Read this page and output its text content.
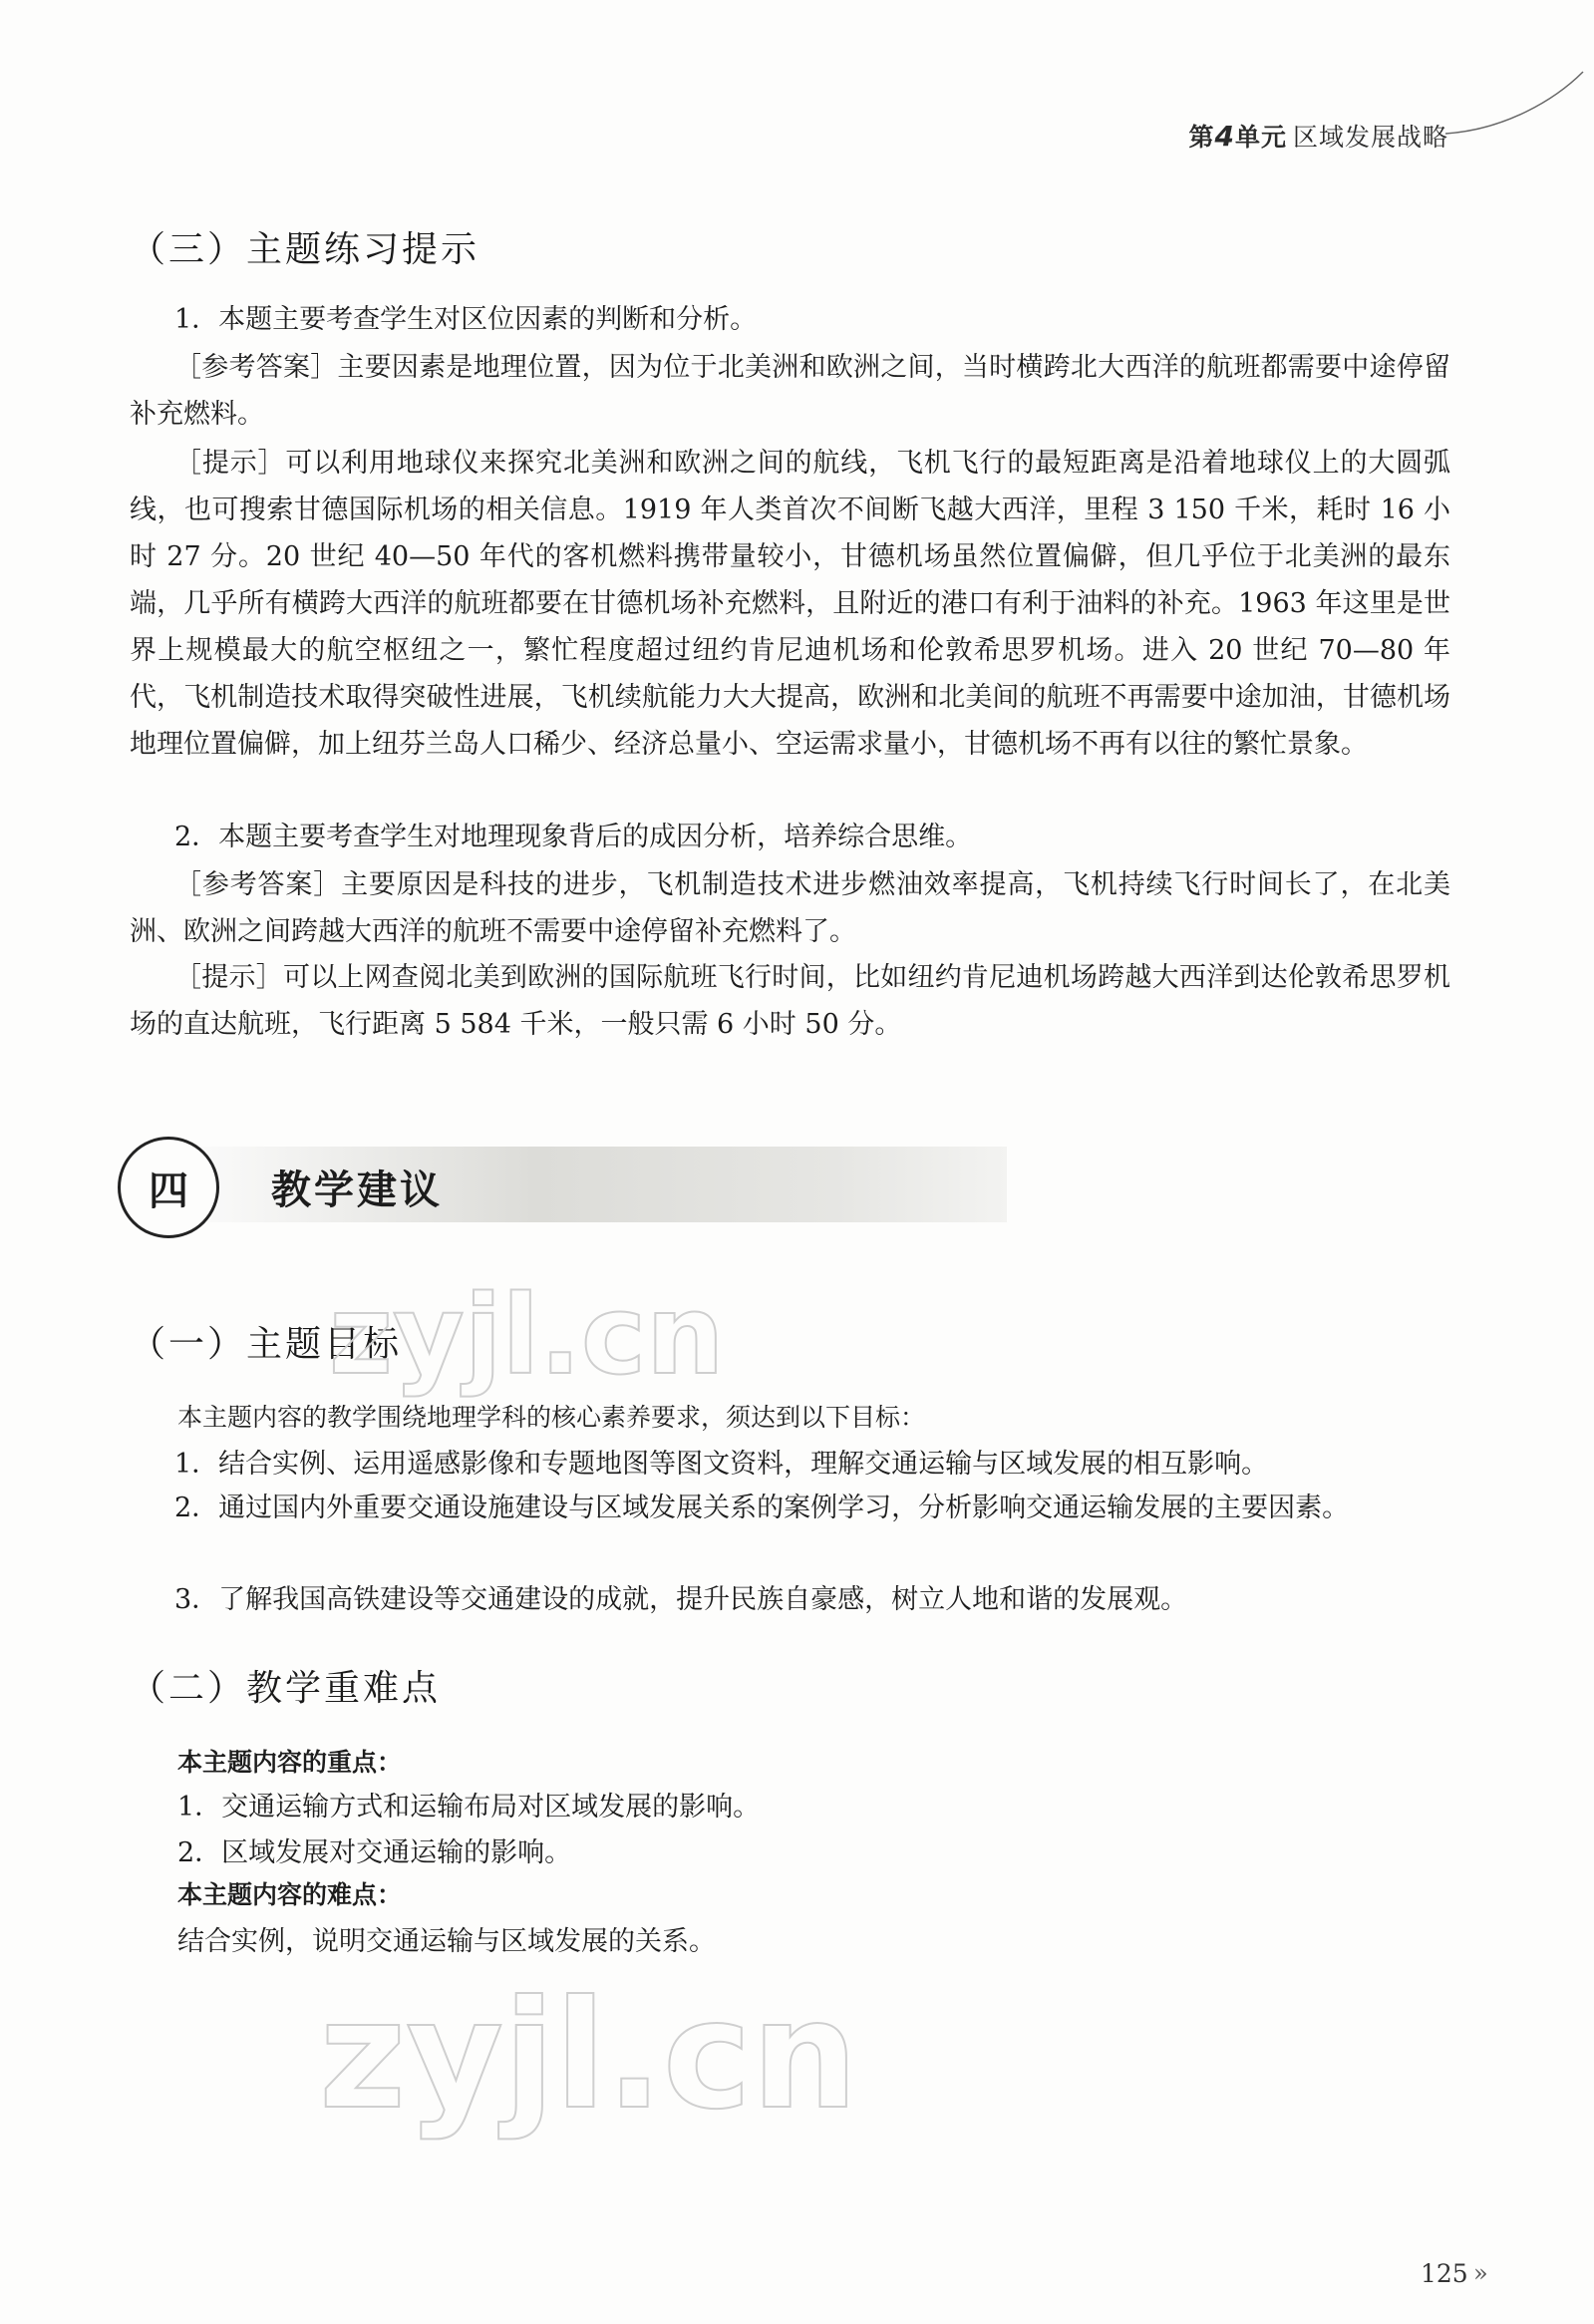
第4单元 区域发展战略
（三）主题练习提示
1．本题主要考查学生对区位因素的判断和分析。
［参考答案］主要因素是地理位置，因为位于北美洲和欧洲之间，当时横跨北大西洋的航班都需要中途停留补充燃料。
［提示］可以利用地球仪来探究北美洲和欧洲之间的航线，飞机飞行的最短距离是沿着地球仪上的大圆弧线，也可搜索甘德国际机场的相关信息。1919 年人类首次不间断飞越大西洋，里程 3 150 千米，耗时 16 小时 27 分。20 世纪 40—50 年代的客机燃料携带量较小，甘德机场虽然位置偏僻，但几乎位于北美洲的最东端，几乎所有横跨大西洋的航班都要在甘德机场补充燃料，且附近的港口有利于油料的补充。1963 年这里是世界上规模最大的航空枢纽之一，繁忙程度超过纽约肯尼迪机场和伦敦希思罗机场。进入 20 世纪 70—80 年代，飞机制造技术取得突破性进展，飞机续航能力大大提高，欧洲和北美间的航班不再需要中途加油，甘德机场地理位置偏僻，加上纽芬兰岛人口稀少、经济总量小、空运需求量小，甘德机场不再有以往的繁忙景象。
2．本题主要考查学生对地理现象背后的成因分析，培养综合思维。
［参考答案］主要原因是科技的进步，飞机制造技术进步燃油效率提高，飞机持续飞行时间长了，在北美洲、欧洲之间跨越大西洋的航班不需要中途停留补充燃料了。
［提示］可以上网查阅北美到欧洲的国际航班飞行时间，比如纽约肯尼迪机场跨越大西洋到达伦敦希思罗机场的直达航班，飞行距离 5 584 千米，一般只需 6 小时 50 分。
四	教学建议
（一）主题目标
本主题内容的教学围绕地理学科的核心素养要求，须达到以下目标：
1．结合实例、运用遥感影像和专题地图等图文资料，理解交通运输与区域发展的相互影响。
2．通过国内外重要交通设施建设与区域发展关系的案例学习，分析影响交通运输发展的主要因素。
3．了解我国高铁建设等交通建设的成就，提升民族自豪感，树立人地和谐的发展观。
（二）教学重难点
本主题内容的重点：
1．交通运输方式和运输布局对区域发展的影响。
2．区域发展对交通运输的影响。
本主题内容的难点：
结合实例，说明交通运输与区域发展的关系。
zyjl.cn
zyjl.cn
125 »
